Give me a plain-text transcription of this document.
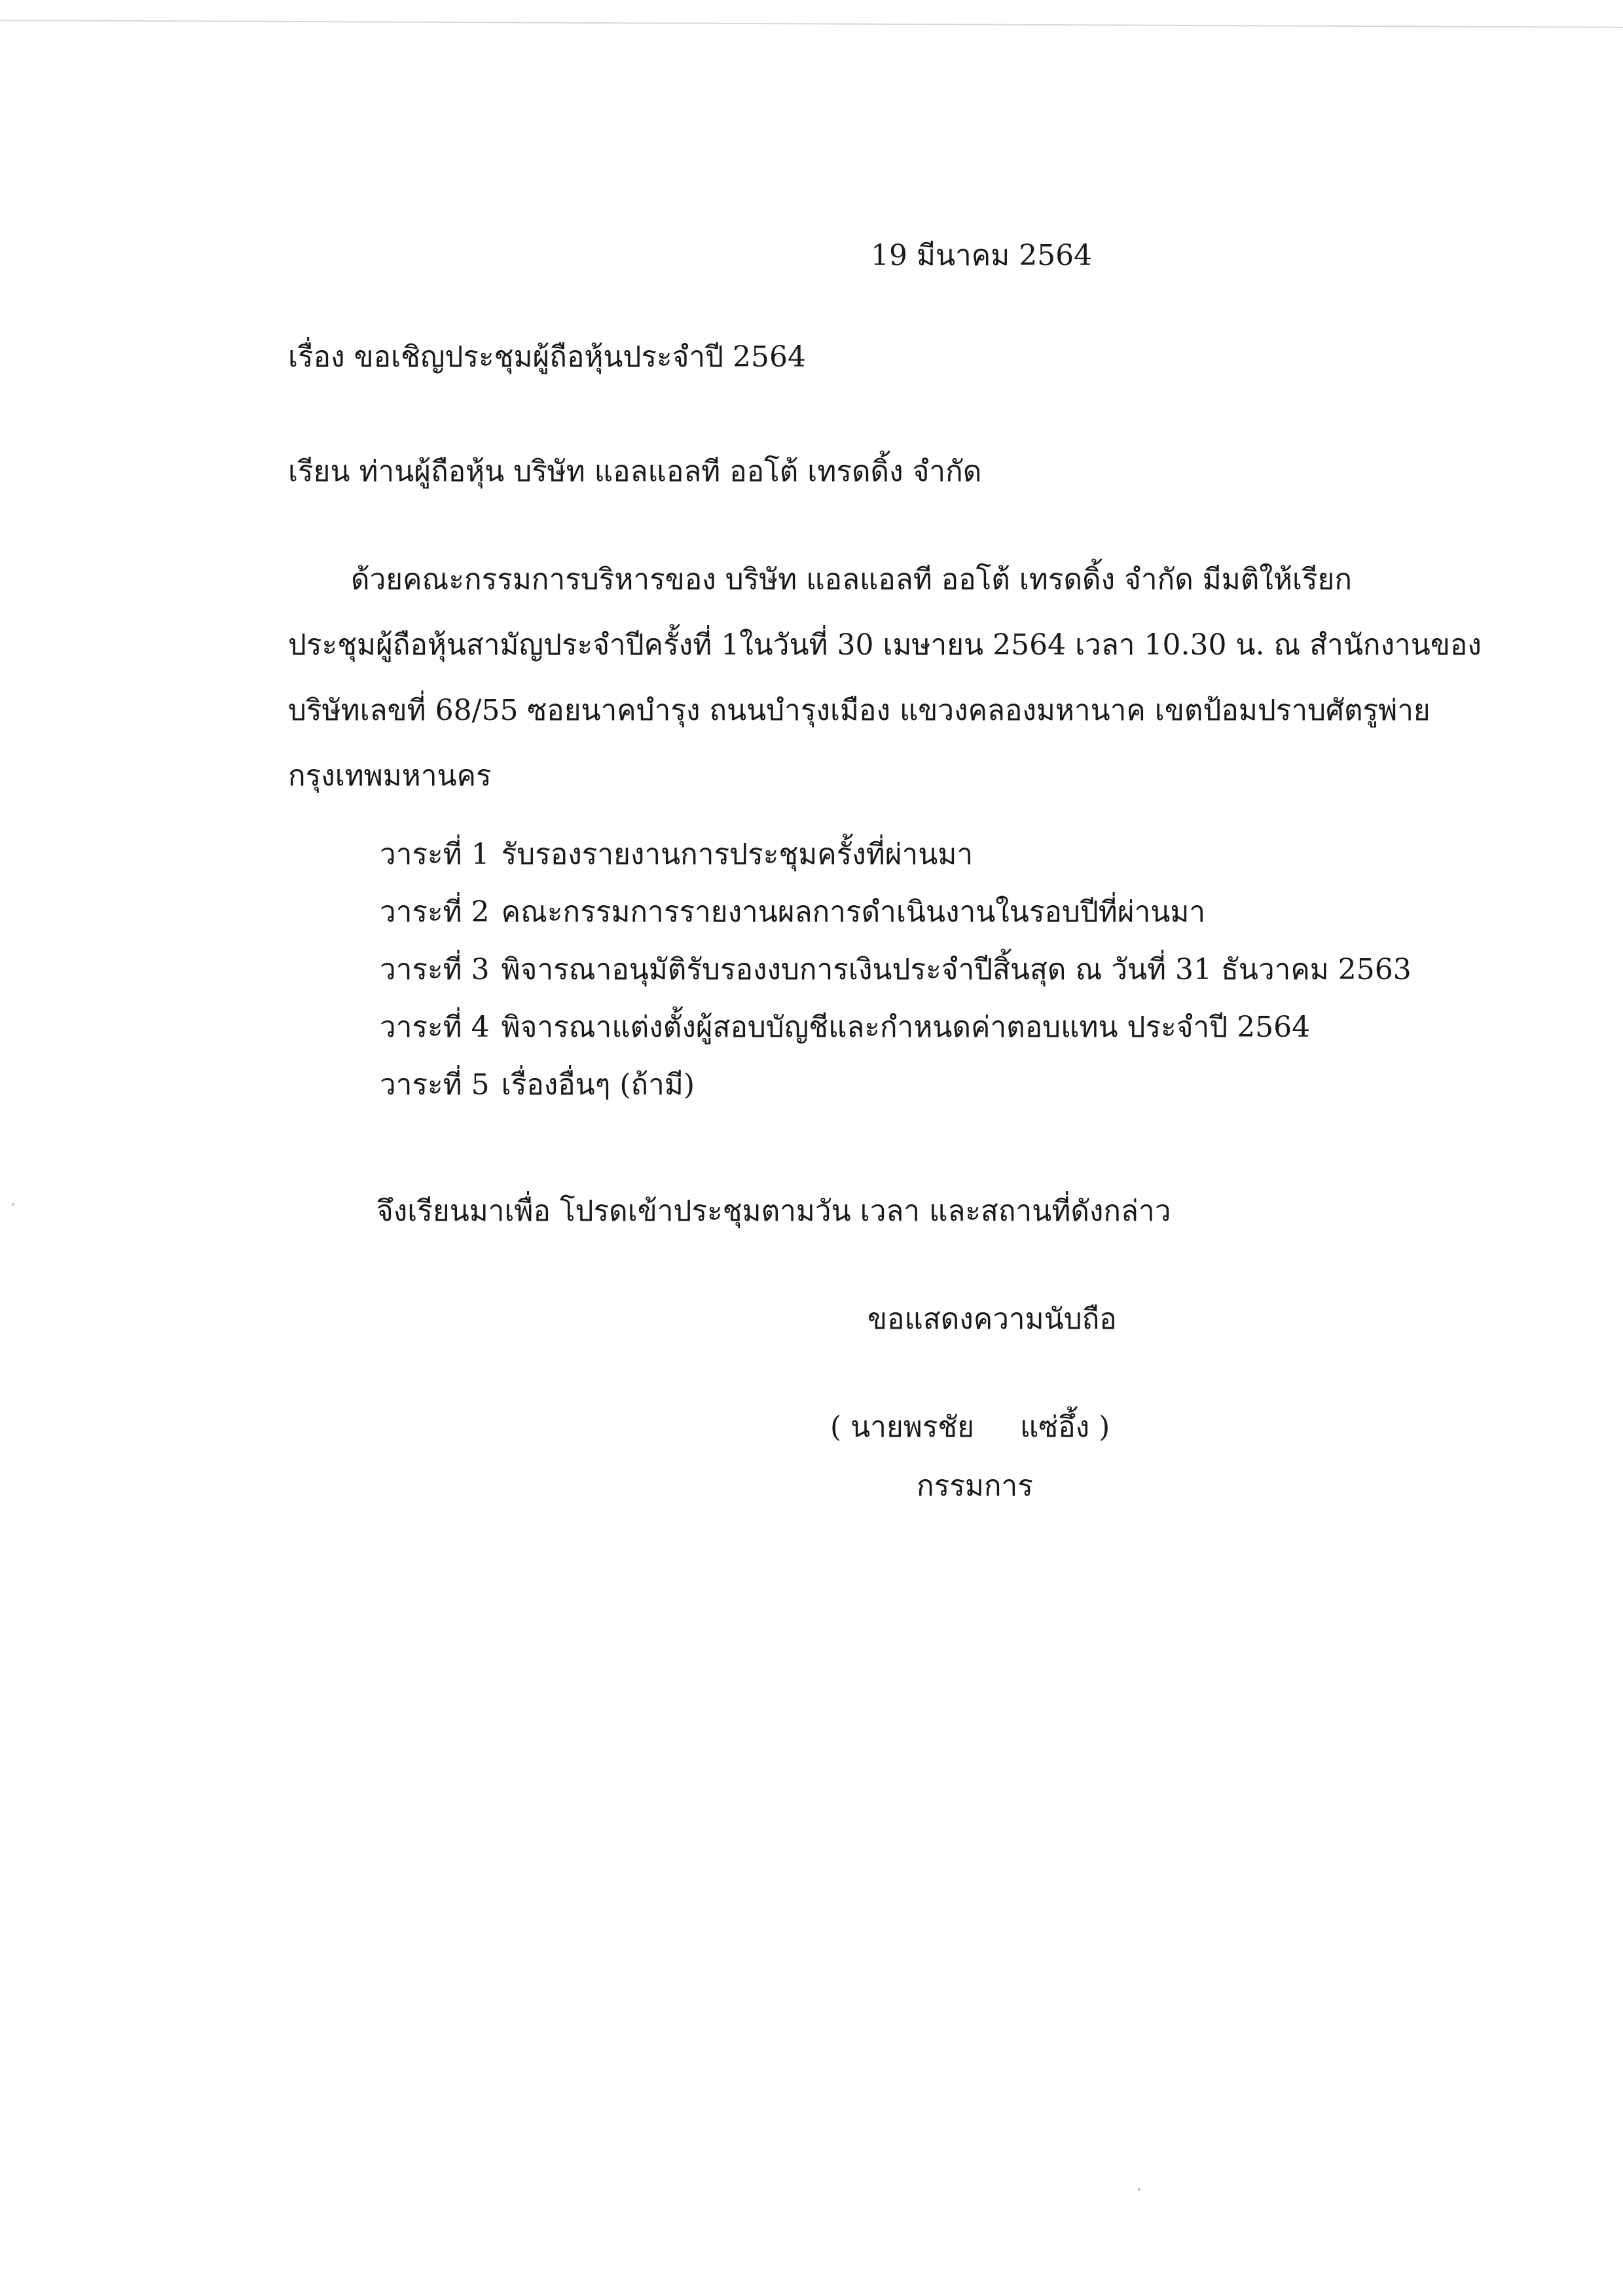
19 มีนาคม 2564
เรื่อง ขอเชิญประชุมผู้ถือหุ้นประจำปี 2564
เรียน ท่านผู้ถือหุ้น บริษัท แอลแอลที ออโต้ เทรดดิ้ง จำกัด
ด้วยคณะกรรมการบริหารของ บริษัท แอลแอลที ออโต้ เทรดดิ้ง จำกัด มีมติให้เรียก
ประชุมผู้ถือหุ้นสามัญประจำปีครั้งที่ 1ในวันที่ 30 เมษายน 2564 เวลา 10.30 น. ณ สำนักงานของ
บริษัทเลขที่ 68/55 ซอยนาคบำรุง ถนนบำรุงเมือง แขวงคลองมหานาค เขตป้อมปราบศัตรูพ่าย
กรุงเทพมหานคร
วาระที่ 1 รับรองรายงานการประชุมครั้งที่ผ่านมา
วาระที่ 2 คณะกรรมการรายงานผลการดำเนินงานในรอบปีที่ผ่านมา
วาระที่ 3 พิจารณาอนุมัติรับรองงบการเงินประจำปีสิ้นสุด ณ วันที่ 31 ธันวาคม 2563
วาระที่ 4 พิจารณาแต่งตั้งผู้สอบบัญชีและกำหนดค่าตอบแทน ประจำปี 2564
วาระที่ 5 เรื่องอื่นๆ (ถ้ามี)
จึงเรียนมาเพื่อ โปรดเข้าประชุมตามวัน เวลา และสถานที่ดังกล่าว
ขอแสดงความนับถือ
( นายพรชัย แซ่อึ้ง )
กรรมการ
